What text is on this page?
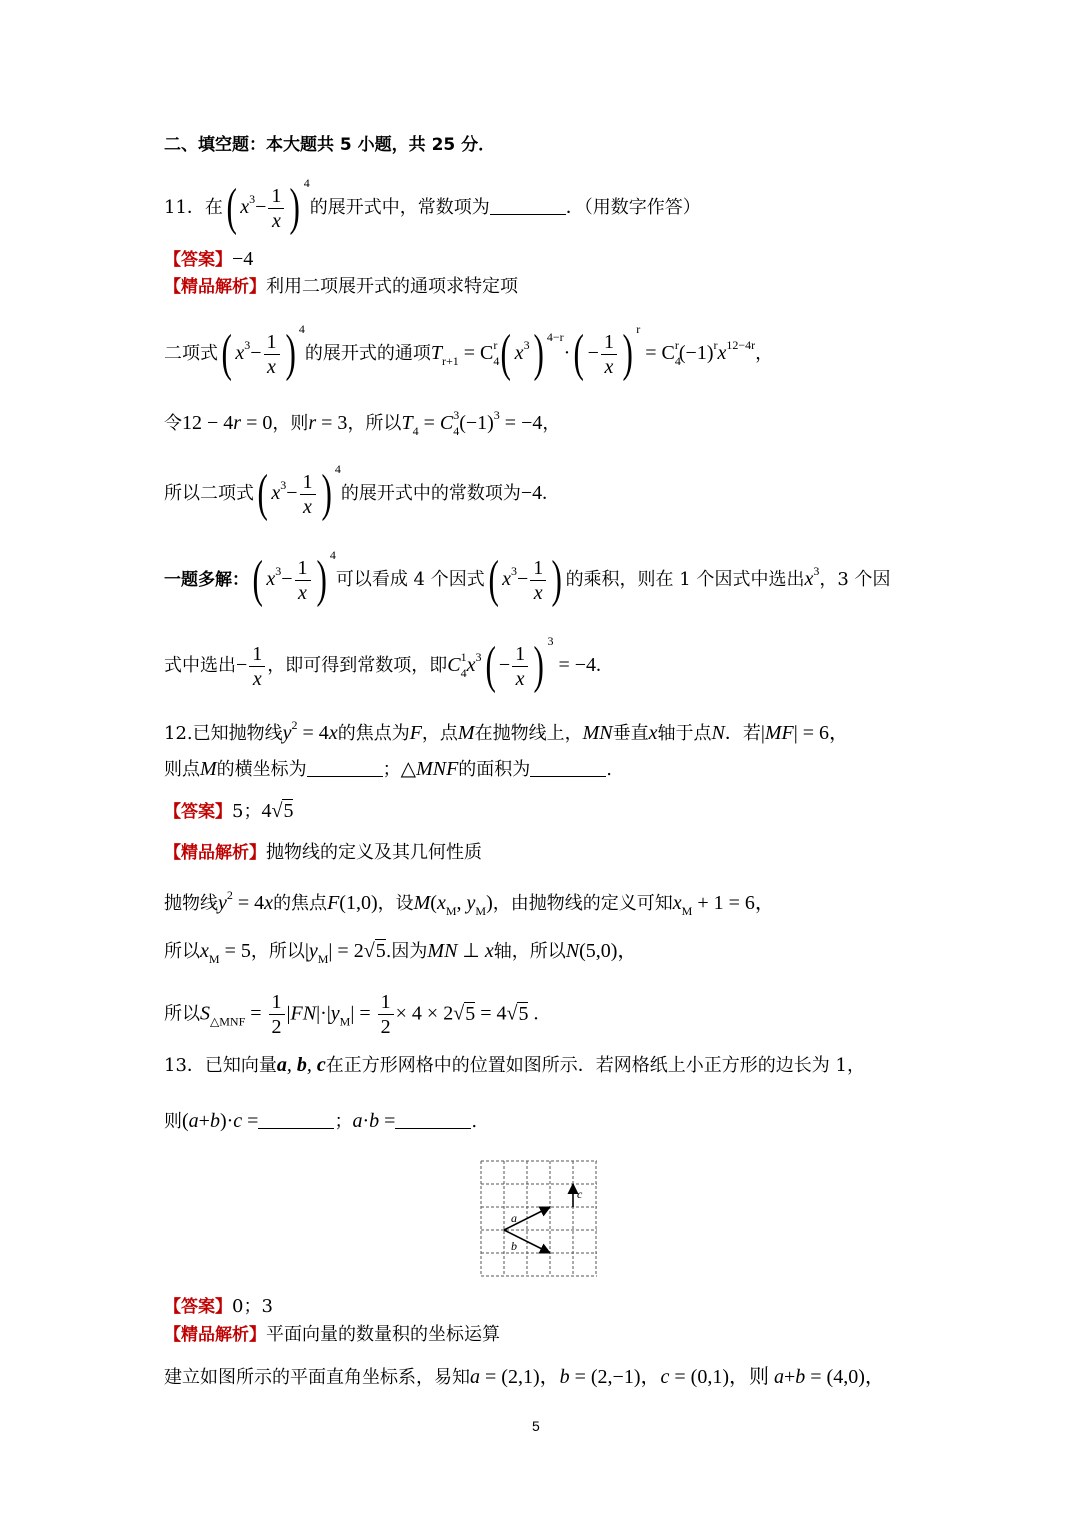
二、填空题：本大题共 5 小题，共 25 分．
11．在( $x^3- \frac{1}{x}$ ) $^4$的展开式中，常数项为	．（用数字作答）
【答案】−4
【精品解析】利用二项展开式的通项求特定项
二项式( $x^3- \frac{1}{x}$ ) $^4$的展开式的通项$T_{r+1} = C_4^r$( $x^3$) $^{4-r}\cdot( - \frac{1}{x}$ ) $^r = C_4^r(-1)^rx^{12-4r}$，
令12 − 4r = 0，则r = 3，所以$T_4 = C_4^3(-1)^3 = -4$，
所以二项式( $x^3- \frac{1}{x}$ ) $^4$的展开式中的常数项为−4.
一题多解：( $x^3- \frac{1}{x}$ ) $^4$可以看成 4 个因式( $x^3- \frac{1}{x}$ ) 的乘积，则在 1 个因式中选出$x^3$，3 个因
式中选出− $\frac{1}{x}$ ，即可得到常数项，即$C_4^1x^3( - \frac{1}{x}$ ) $^3$ = −4.
12.已知抛物线$y^2 = 4x$的焦点为F，点M在抛物线上，MN垂直x轴于点N．若|MF| = 6，
则点M的横坐标为	；△MNF的面积为	.
【答案】5；4√5
【精品解析】抛物线的定义及其几何性质
抛物线$y^2 = 4x$的焦点F(1,0)，设$M(x_M$, $y_M$)，由抛物线的定义可知$x_M + 1 = 6$，
所以$x_M = 5$，所以$|y_M| = 2√5$.因为MN ⊥ x轴，所以N(5,0)，
所以$S_{\triangle MNF} = \frac{1}{2} |FN|\cdot|y_M| = \frac{1}{2} \times 4 \times 2√5 = 4√5$ .
13．已知向量a, b, c在正方形网格中的位置如图所示．若网格纸上小正方形的边长为 1，
则(a+b)·c =	；a·b =	.
a
b
c
【答案】0；3
【精品解析】平面向量的数量积的坐标运算
建立如图所示的平面直角坐标系，易知a = (2,1)，b = (2,−1)，c = (0,1)，则 a+b = (4,0)，
5
